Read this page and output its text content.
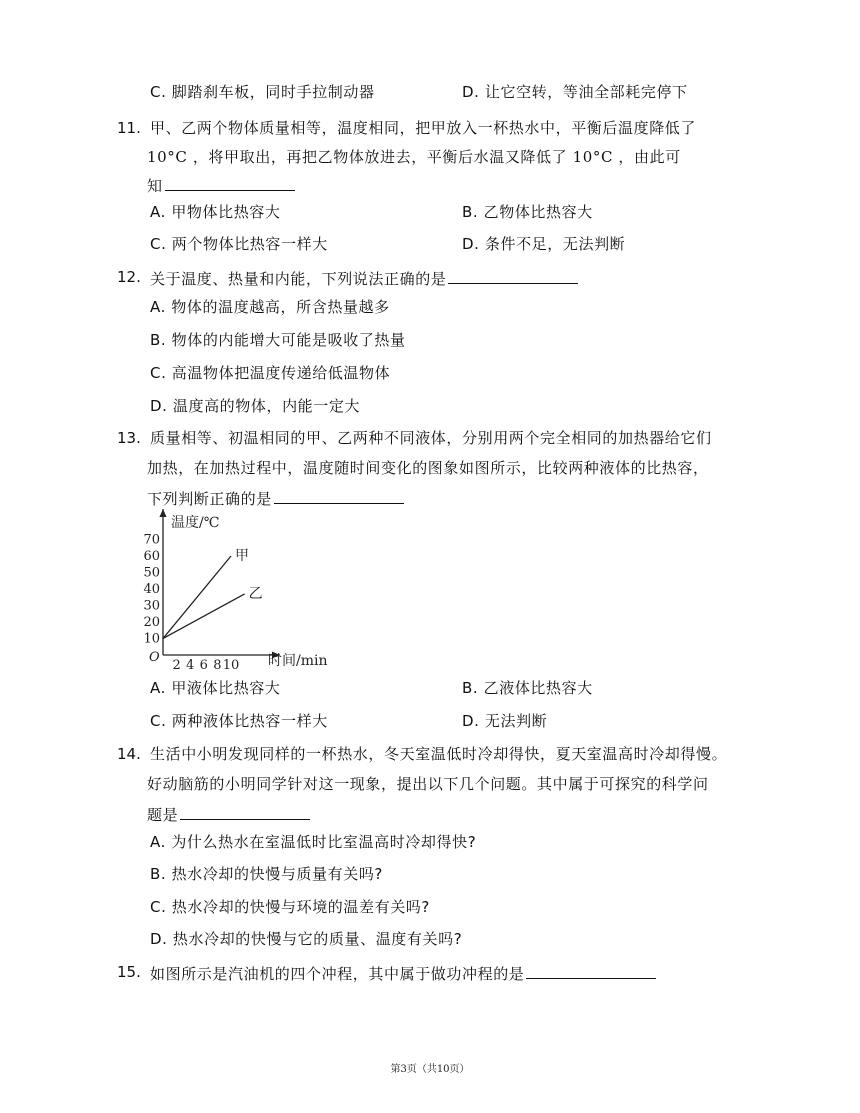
C. 脚踏刹车板，同时手拉制动器	D. 让它空转，等油全部耗完停下
11. 甲、乙两个物体质量相等，温度相同，把甲放入一杯热水中，平衡后温度降低了
10°C ，将甲取出，再把乙物体放进去，平衡后水温又降低了 10°C ，由此可
知
A. 甲物体比热容大	B. 乙物体比热容大
C. 两个物体比热容一样大	D. 条件不足，无法判断
12. 关于温度、热量和内能，下列说法正确的是
A. 物体的温度越高，所含热量越多
B. 物体的内能增大可能是吸收了热量
C. 高温物体把温度传递给低温物体
D. 温度高的物体，内能一定大
13. 质量相等、初温相同的甲、乙两种不同液体，分别用两个完全相同的加热器给它们
加热，在加热过程中，温度随时间变化的图象如图所示，比较两种液体的比热容，
下列判断正确的是
10
20
30
40
50
60
70
2 4 6 8 10
甲
乙
温度/℃
时间/min
O
A. 甲液体比热容大	B. 乙液体比热容大
C. 两种液体比热容一样大	D. 无法判断
14. 生活中小明发现同样的一杯热水，冬天室温低时冷却得快，夏天室温高时冷却得慢。
好动脑筋的小明同学针对这一现象，提出以下几个问题。其中属于可探究的科学问
题是
A. 为什么热水在室温低时比室温高时冷却得快?
B. 热水冷却的快慢与质量有关吗?
C. 热水冷却的快慢与环境的温差有关吗?
D. 热水冷却的快慢与它的质量、温度有关吗?
15. 如图所示是汽油机的四个冲程，其中属于做功冲程的是
第3页（共10页）
